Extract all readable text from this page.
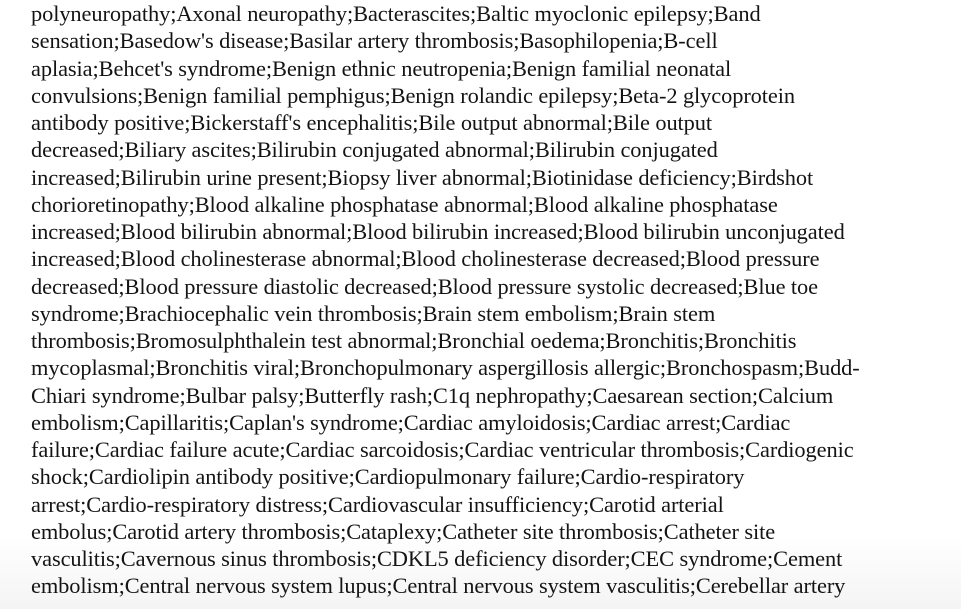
polyneuropathy;Axonal neuropathy;Bacterascites;Baltic myoclonic epilepsy;Band
sensation;Basedow's disease;Basilar artery thrombosis;Basophilopenia;B-cell
aplasia;Behcet's syndrome;Benign ethnic neutropenia;Benign familial neonatal
convulsions;Benign familial pemphigus;Benign rolandic epilepsy;Beta-2 glycoprotein
antibody positive;Bickerstaff's encephalitis;Bile output abnormal;Bile output
decreased;Biliary ascites;Bilirubin conjugated abnormal;Bilirubin conjugated
increased;Bilirubin urine present;Biopsy liver abnormal;Biotinidase deficiency;Birdshot
chorioretinopathy;Blood alkaline phosphatase abnormal;Blood alkaline phosphatase
increased;Blood bilirubin abnormal;Blood bilirubin increased;Blood bilirubin unconjugated
increased;Blood cholinesterase abnormal;Blood cholinesterase decreased;Blood pressure
decreased;Blood pressure diastolic decreased;Blood pressure systolic decreased;Blue toe
syndrome;Brachiocephalic vein thrombosis;Brain stem embolism;Brain stem
thrombosis;Bromosulphthalein test abnormal;Bronchial oedema;Bronchitis;Bronchitis
mycoplasmal;Bronchitis viral;Bronchopulmonary aspergillosis allergic;Bronchospasm;Budd-
Chiari syndrome;Bulbar palsy;Butterfly rash;C1q nephropathy;Caesarean section;Calcium
embolism;Capillaritis;Caplan's syndrome;Cardiac amyloidosis;Cardiac arrest;Cardiac
failure;Cardiac failure acute;Cardiac sarcoidosis;Cardiac ventricular thrombosis;Cardiogenic
shock;Cardiolipin antibody positive;Cardiopulmonary failure;Cardio-respiratory
arrest;Cardio-respiratory distress;Cardiovascular insufficiency;Carotid arterial
embolus;Carotid artery thrombosis;Cataplexy;Catheter site thrombosis;Catheter site
vasculitis;Cavernous sinus thrombosis;CDKL5 deficiency disorder;CEC syndrome;Cement
embolism;Central nervous system lupus;Central nervous system vasculitis;Cerebellar artery
